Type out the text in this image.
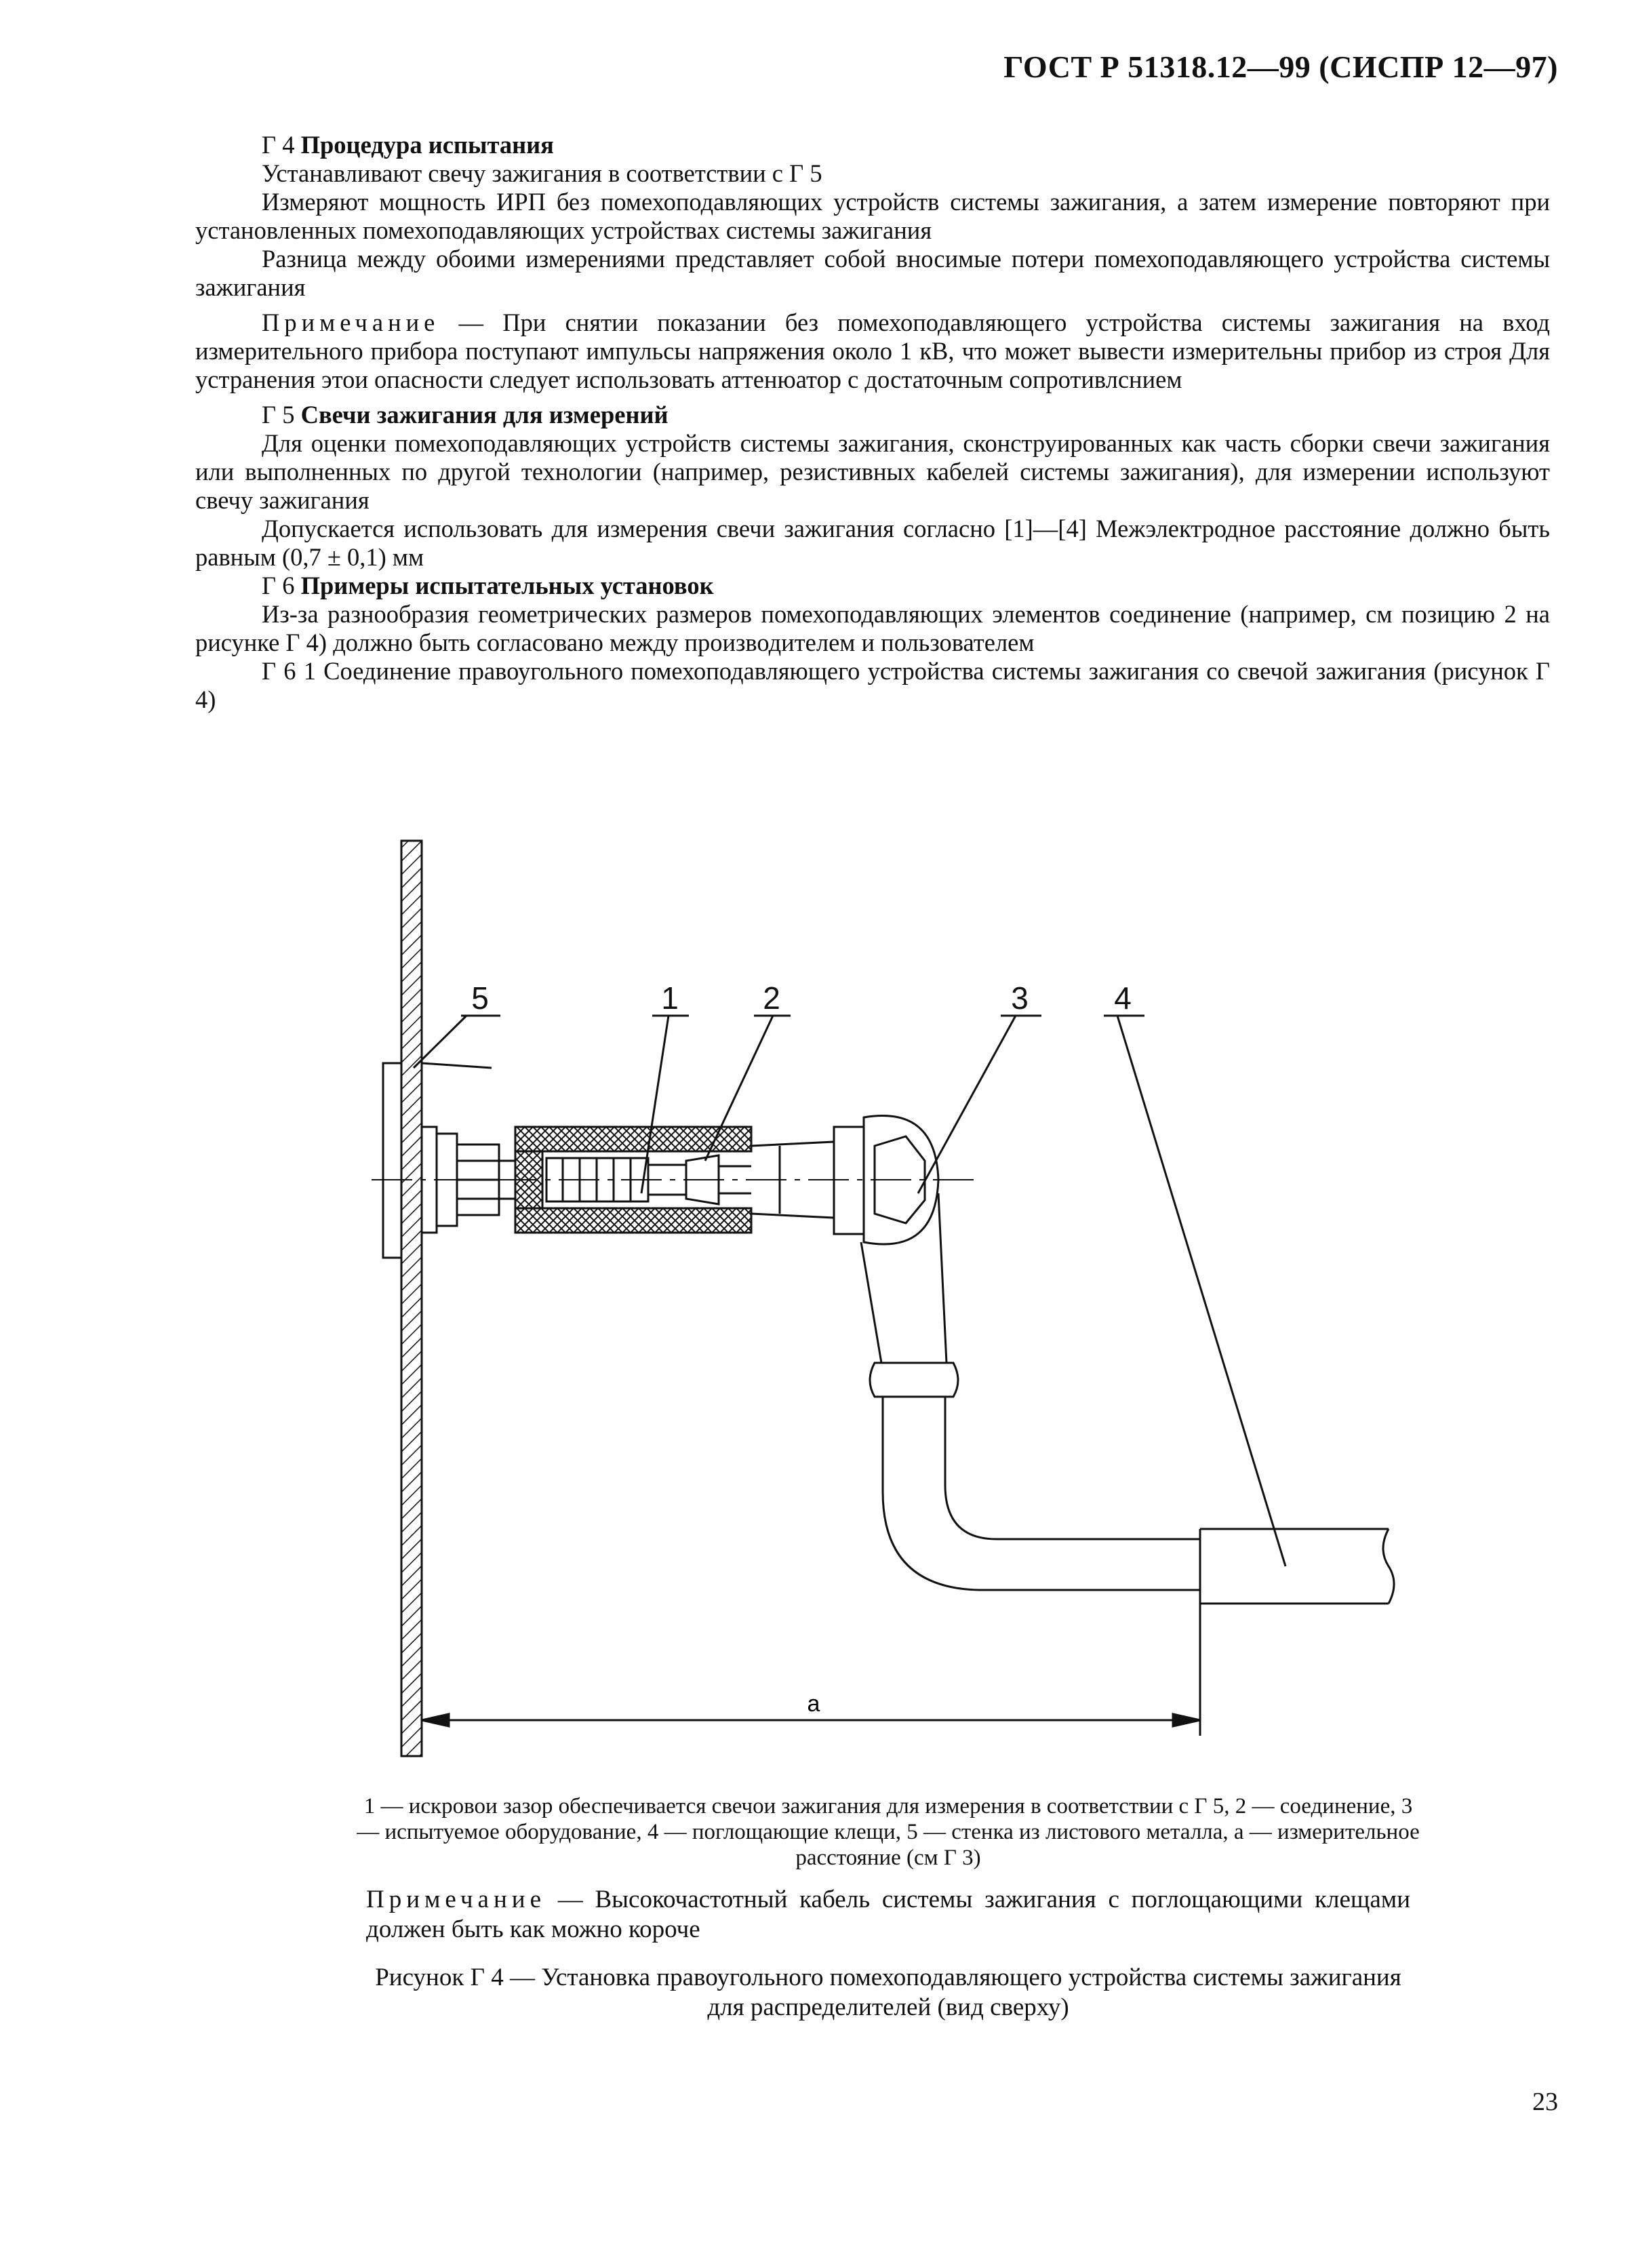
ГОСТ Р 51318.12—99 (СИСПР 12—97)

Г 4 Процедура испытания

Устанавливают свечу зажигания в соответствии с Г 5

Измеряют мощность ИРП без помехоподавляющих устройств системы зажигания, а затем измерение повторяют при установленных помехоподавляющих устройствах системы зажигания

Разница между обоими измерениями представляет собой вносимые потери помехоподавляющего устройства системы зажигания

Примечание — При снятии показании без помехоподавляющего устройства системы зажигания на вход измерительного прибора поступают импульсы напряжения около 1 кВ, что может вывести измерительны прибор из строя Для устранения этои опасности следует использовать аттенюатор с достаточным сопротивлснием

Г 5 Свечи зажигания для измерений

Для оценки помехоподавляющих устройств системы зажигания, сконструированных как часть сборки свечи зажигания или выполненных по другой технологии (например, резистивных кабелей системы зажигания), для измерении используют свечу зажигания

Допускается использовать для измерения свечи зажигания согласно [1]—[4] Межэлектродное расстояние должно быть равным (0,7 ± 0,1) мм

Г 6 Примеры испытательных установок

Из-за разнообразия геометрических размеров помехоподавляющих элементов соединение (например, см позицию 2 на рисунке Г 4) должно быть согласовано между производителем и пользователем

Г 6 1 Соединение правоугольного помехоподавляющего устройства системы зажигания со свечой зажигания (рисунок Г 4)

а
5	1	2	3	4
1 — искровои зазор обеспечивается свечои зажигания для измерения в соответствии с Г 5, 2 — соединение, 3 — испытуемое оборудование, 4 — поглощающие клещи, 5 — стенка из листового металла, а — измерительное расстояние (см Г 3)
Примечание — Высокочастотный кабель системы зажигания с поглощающими клещами должен быть как можно короче
Рисунок Г 4 — Установка правоугольного помехоподавляющего устройства системы зажигания для распределителей (вид сверху)
23
